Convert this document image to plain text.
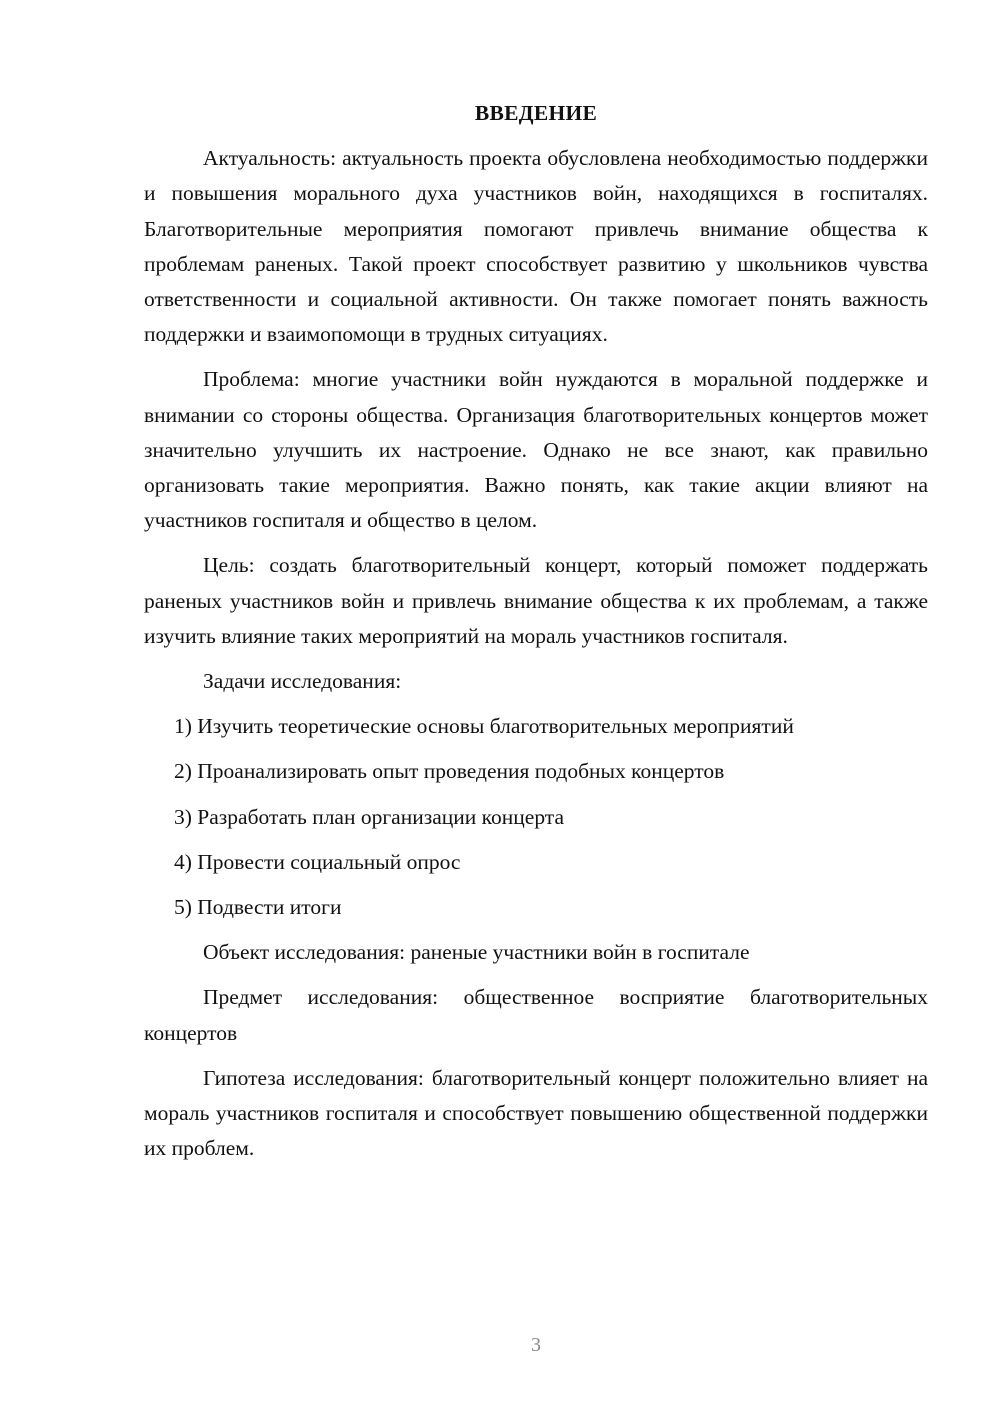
ВВЕДЕНИЕ

Актуальность: актуальность проекта обусловлена необходимостью поддержки и повышения морального духа участников войн, находящихся в госпиталях. Благотворительные мероприятия помогают привлечь внимание общества к проблемам раненых. Такой проект способствует развитию у школьников чувства ответственности и социальной активности. Он также помогает понять важность поддержки и взаимопомощи в трудных ситуациях.

Проблема: многие участники войн нуждаются в моральной поддержке и внимании со стороны общества. Организация благотворительных концертов может значительно улучшить их настроение. Однако не все знают, как правильно организовать такие мероприятия. Важно понять, как такие акции влияют на участников госпиталя и общество в целом.

Цель: создать благотворительный концерт, который поможет поддержать раненых участников войн и привлечь внимание общества к их проблемам, а также изучить влияние таких мероприятий на мораль участников госпиталя.

Задачи исследования:
1) Изучить теоретические основы благотворительных мероприятий
2) Проанализировать опыт проведения подобных концертов
3) Разработать план организации концерта
4) Провести социальный опрос
5) Подвести итоги

Объект исследования: раненые участники войн в госпитале

Предмет исследования: общественное восприятие благотворительных концертов

Гипотеза исследования: благотворительный концерт положительно влияет на мораль участников госпиталя и способствует повышению общественной поддержки их проблем.

3
